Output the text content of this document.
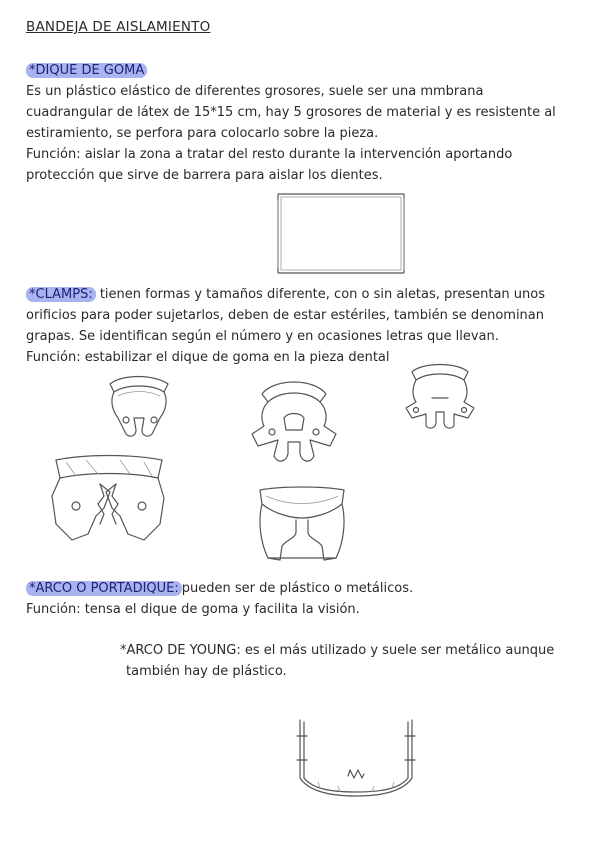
BANDEJA DE AISLAMIENTO
*DIQUE DE GOMA
Es un plástico elástico de diferentes grosores, suele ser una mmbrana
cuadrangular de látex de 15*15 cm, hay 5 grosores de material y es resistente al
estiramiento, se perfora para colocarlo sobre la pieza.
Función: aislar la zona a tratar del resto durante la intervención aportando
protección que sirve de barrera para aislar los dientes.
*CLAMPS: tienen formas y tamaños diferente, con o sin aletas, presentan unos
orificios para poder sujetarlos, deben de estar estériles, también se denominan
grapas. Se identifican según el número y en ocasiones letras que llevan.
Función: estabilizar el dique de goma en la pieza dental
*ARCO O PORTADIQUE: pueden ser de plástico o metálicos.
Función: tensa el dique de goma y facilita la visión.
*ARCO DE YOUNG: es el más utilizado y suele ser metálico aunque
también hay de plástico.
